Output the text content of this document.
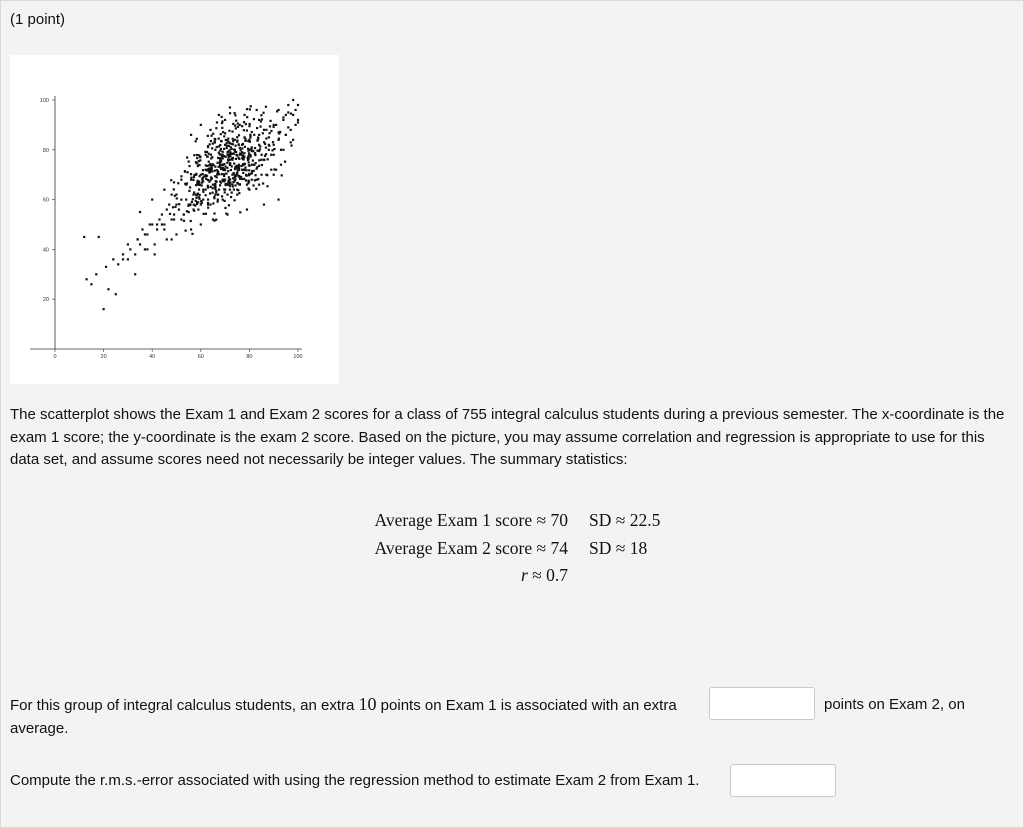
(1 point)
0	20	40	60	80	100
20
40
60
80
100
The scatterplot shows the Exam 1 and Exam 2 scores for a class of 755 integral calculus students during a previous semester. The x-coordinate is the exam 1 score; the y-coordinate is the exam 2 score. Based on the picture, you may assume correlation and regression is appropriate to use for this data set, and assume scores need not necessarily be integer values. The summary statistics:
Average Exam 1 score ≈ 70 SD ≈ 22.5
Average Exam 2 score ≈ 74 SD ≈ 18
r ≈ 0.7
For this group of integral calculus students, an extra 10 points on Exam 1 is associated with an extra	points on Exam 2, on
average.
Compute the r.m.s.-error associated with using the regression method to estimate Exam 2 from Exam 1.
